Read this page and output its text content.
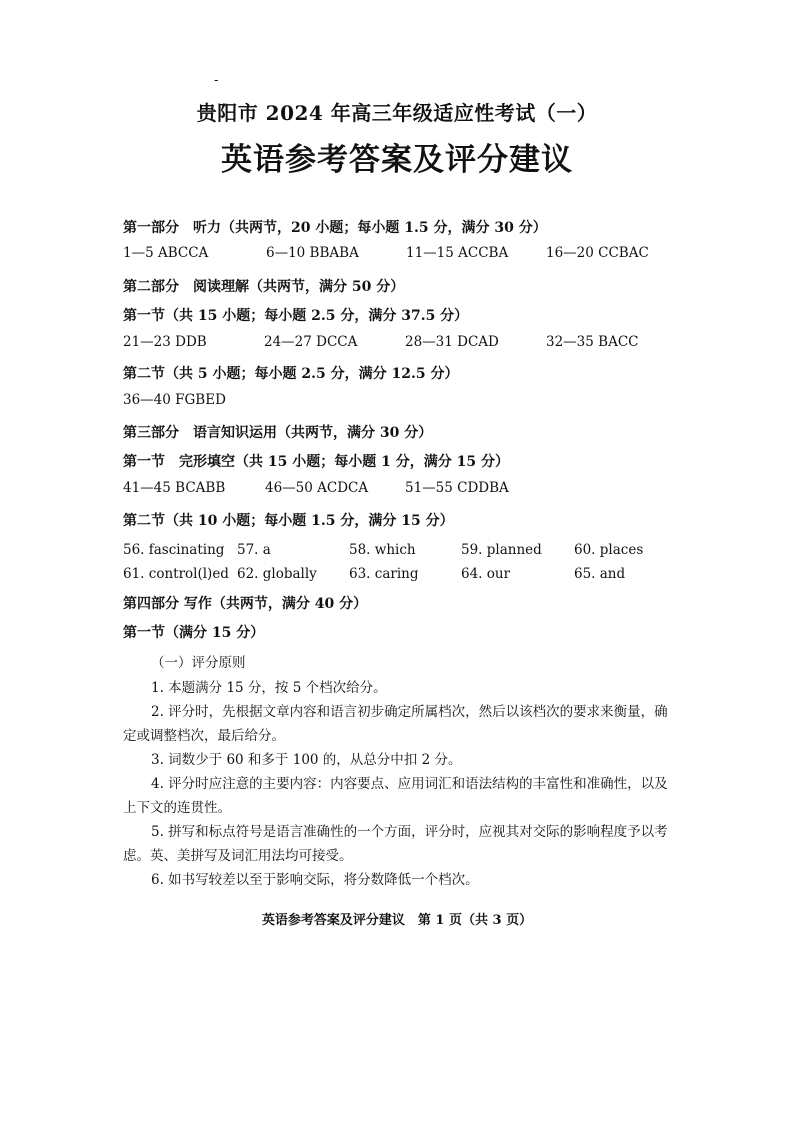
-
贵阳市 2024 年高三年级适应性考试（一）
英语参考答案及评分建议
第一部分　听力（共两节，20 小题；每小题 1.5 分，满分 30 分）
1—5 ABCCA	6—10 BBABA	11—15 ACCBA	16—20 CCBAC
第二部分　阅读理解（共两节，满分 50 分）
第一节（共 15 小题；每小题 2.5 分，满分 37.5 分）
21—23 DDB	24—27 DCCA	28—31 DCAD	32—35 BACC
第二节（共 5 小题；每小题 2.5 分，满分 12.5 分）
36—40 FGBED
第三部分　语言知识运用（共两节，满分 30 分）
第一节　完形填空（共 15 小题；每小题 1 分，满分 15 分）
41—45 BCABB	46—50 ACDCA	51—55 CDDBA
第二节（共 10 小题；每小题 1.5 分，满分 15 分）
56. fascinating 57. a	58. which	59. planned 60. places
61. control(l)ed 62. globally 63. caring	64. our	65. and
第四部分 写作（共两节，满分 40 分）
第一节（满分 15 分）
（一）评分原则
1. 本题满分 15 分，按 5 个档次给分。
2. 评分时，先根据文章内容和语言初步确定所属档次，然后以该档次的要求来衡量，确定或调整档次，最后给分。
3. 词数少于 60 和多于 100 的，从总分中扣 2 分。
4. 评分时应注意的主要内容：内容要点、应用词汇和语法结构的丰富性和准确性，以及上下文的连贯性。
5. 拼写和标点符号是语言准确性的一个方面，评分时，应视其对交际的影响程度予以考虑。英、美拼写及词汇用法均可接受。
6. 如书写较差以至于影响交际，将分数降低一个档次。
英语参考答案及评分建议　第 1 页（共 3 页）
